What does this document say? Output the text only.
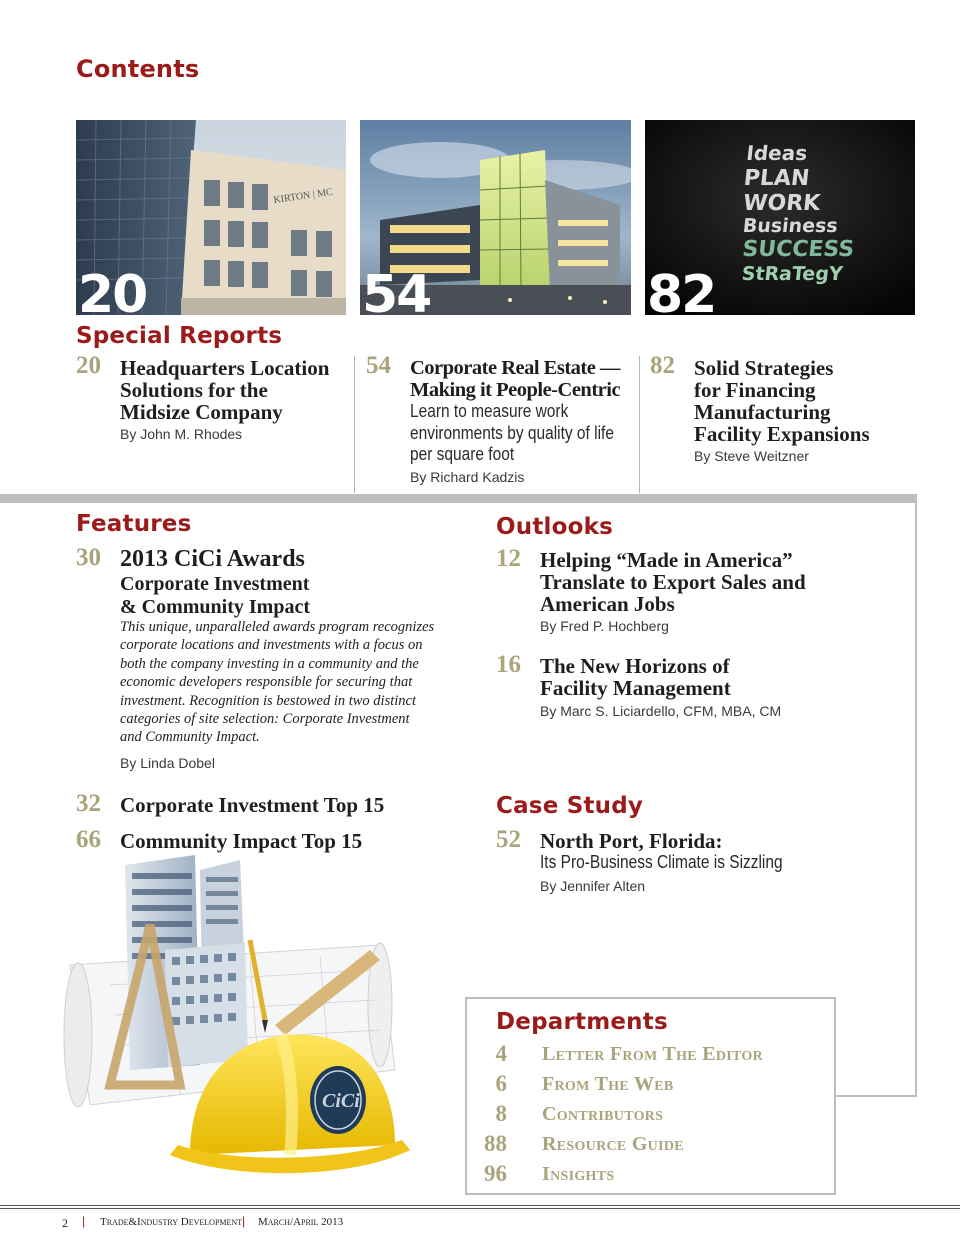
Contents
KIRTON | MC
20	54
Ideas
PLAN
WORK
Business
SUCCESS
StRaTegY
82
Special Reports
20 Headquarters Location
Solutions for the
Midsize Company
By John M. Rhodes
54 Corporate Real Estate —
Making it People-Centric
Learn to measure work
environments by quality of life
per square foot
By Richard Kadzis
82 Solid Strategies
for Financing
Manufacturing
Facility Expansions
By Steve Weitzner
Features
30 2013 CiCi Awards
Corporate Investment
& Community Impact
This unique, unparalleled awards program recognizes
corporate locations and investments with a focus on
both the company investing in a community and the
economic developers responsible for securing that
investment. Recognition is bestowed in two distinct
categories of site selection: Corporate Investment
and Community Impact.
By Linda Dobel
32 Corporate Investment Top 15
66 Community Impact Top 15
Outlooks
12 Helping “Made in America”
Translate to Export Sales and
American Jobs
By Fred P. Hochberg
16 The New Horizons of
Facility Management
By Marc S. Liciardello, CFM, MBA, CM
Case Study
52 North Port, Florida:
Its Pro-Business Climate is Sizzling
By Jennifer Alten
CiCi
Departments
4 Letter From The Editor
6 From The Web
8 Contributors
88 Resource Guide
96 Insights
2 | Trade&Industry Development | March/April 2013
